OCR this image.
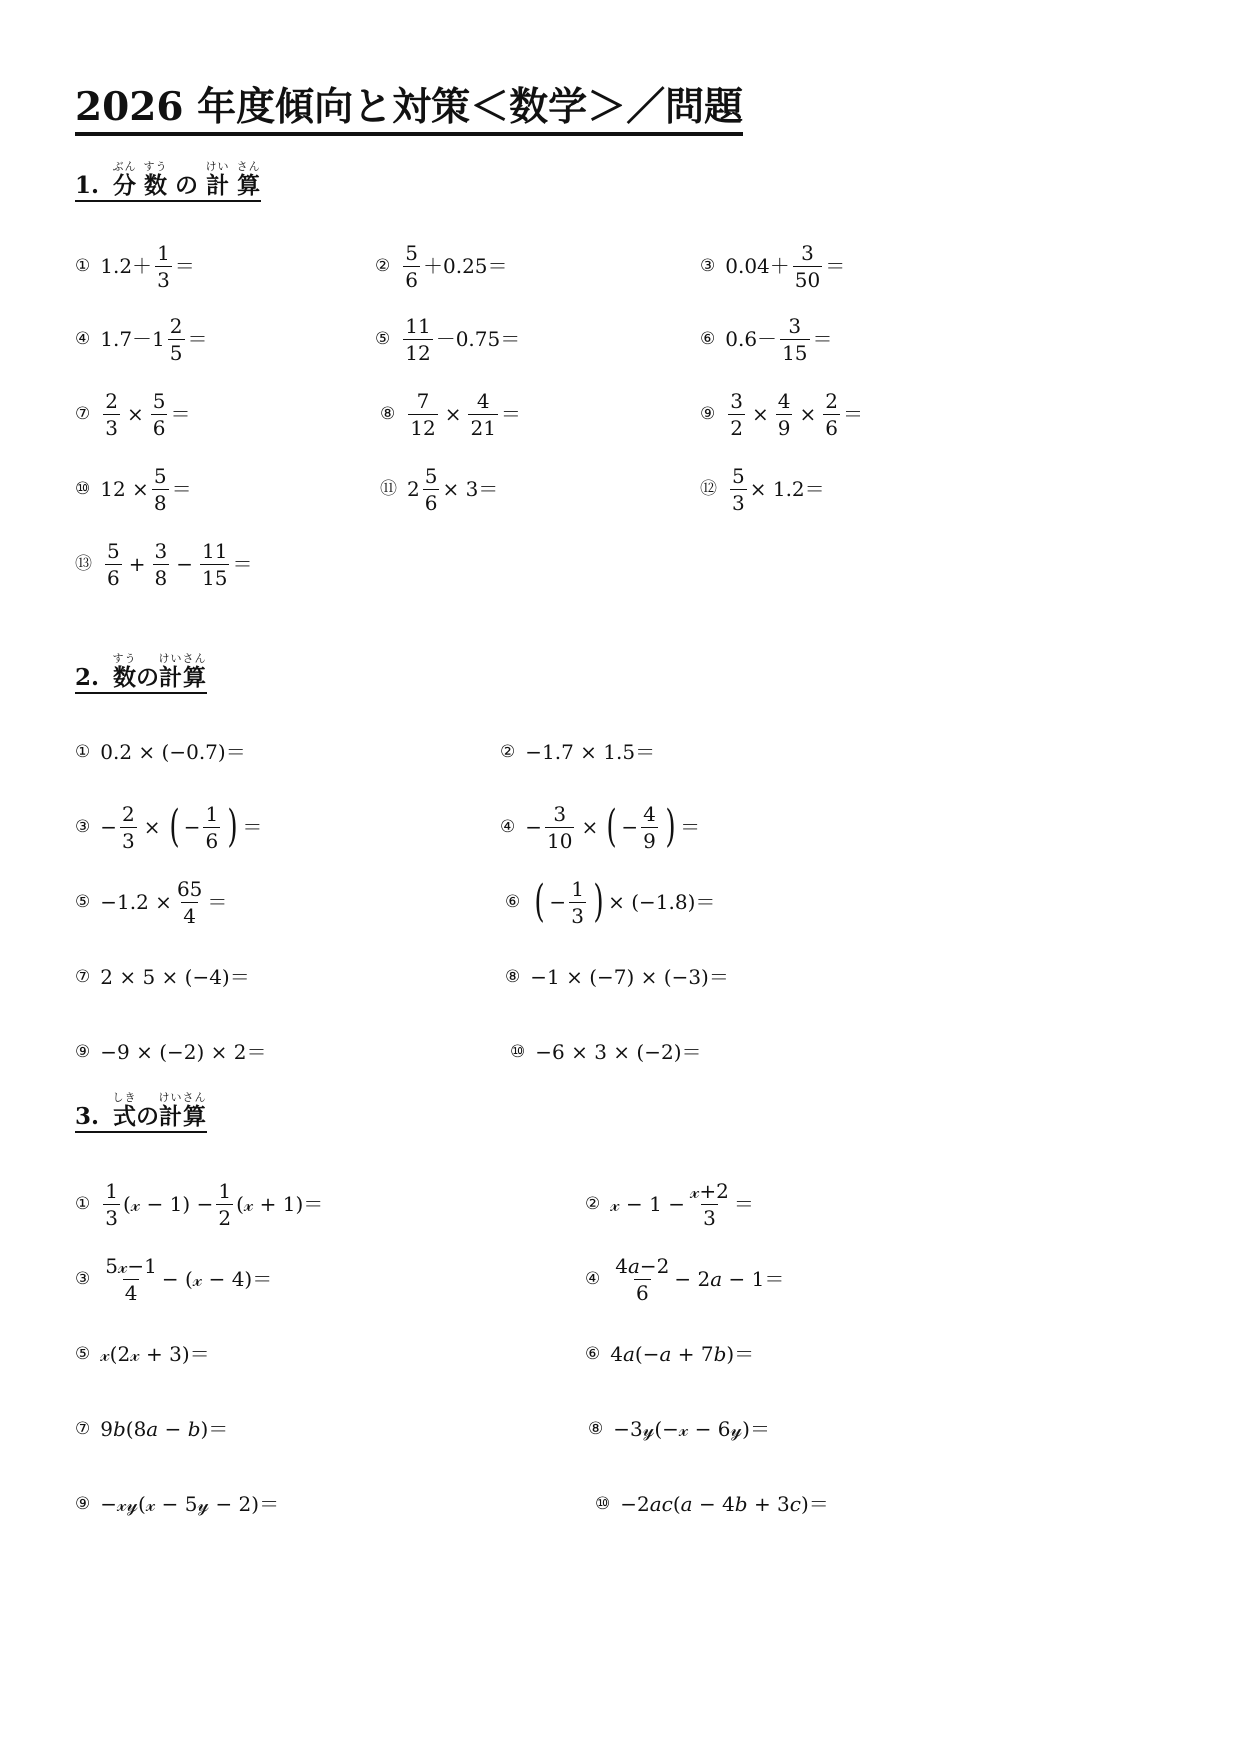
2026 年度傾向と対策＜数学＞／問題
1. 分ぶん 数すう の 計けい 算さん
① $1.2+ \frac{1}{3}$ ＝	② $\frac{5}{6} +0.25=$	③ $0.04+ \frac{3}{50}$ ＝
④ $1.7-1 \frac{2}{5}$ ＝	⑤ $\frac{11}{12} -0.75=$	⑥ $0.6- \frac{3}{15}$ ＝
⑦ $\frac{2}{3} \times \frac{5}{6}$ ＝	⑧ $\frac{7}{12} \times \frac{4}{21}$ ＝	⑨ $\frac{3}{2} \times \frac{4}{9} \times \frac{2}{6}$ ＝
⑩ $12 \times \frac{5}{8}$ ＝	⑪ $2 \frac{5}{6} \times 3=$	⑫ $\frac{5}{3} \times 1.2=$
⑬ $\frac{5}{6} + \frac{3}{8} - \frac{11}{15}$ ＝
2. 数すうの計算けいさん
① 0.2 × (−0.7)＝	② −1.7 × 1.5＝
③ − $\frac{2}{3}$ × ( − $\frac{1}{6}$ ) ＝	④ − $\frac{3}{10}$ × ( − $\frac{4}{9}$ ) ＝
⑤ $-1.2 \times \frac{65}{4}$ ＝	⑥ ( − $\frac{1}{3}$ ) × (−1.8)＝
⑦ 2 × 5 × (−4)＝	⑧ −1 × (−7) × (−3)＝
⑨ −9 × (−2) × 2＝	⑩ −6 × 3 × (−2)＝
3. 式しきの計算けいさん
① $\frac{1}{3}$ (𝓍 − $1) - \frac{1}{2}$ (𝓍 + 1)＝	② 𝓍 − $1 - \frac{\text{𝓍+2}}{3}$ ＝
③ $\frac{\text{5𝓍−1}}{4}$ − (𝓍 − 4)＝	④ $\frac{\text{4𝑎−2}}{6}$ − 2𝑎 − 1＝
⑤ 𝓍(2𝓍 + 3)＝	⑥ 4𝑎(−𝑎 + 7𝑏)＝
⑦ 9𝑏(8𝑎 − 𝑏)＝	⑧ −3𝓎(−𝓍 − 6𝓎)＝
⑨ −𝓍𝓎(𝓍 − 5𝓎 − 2)＝	⑩ −2𝑎𝑐(𝑎 − 4𝑏 + 3𝑐)＝
